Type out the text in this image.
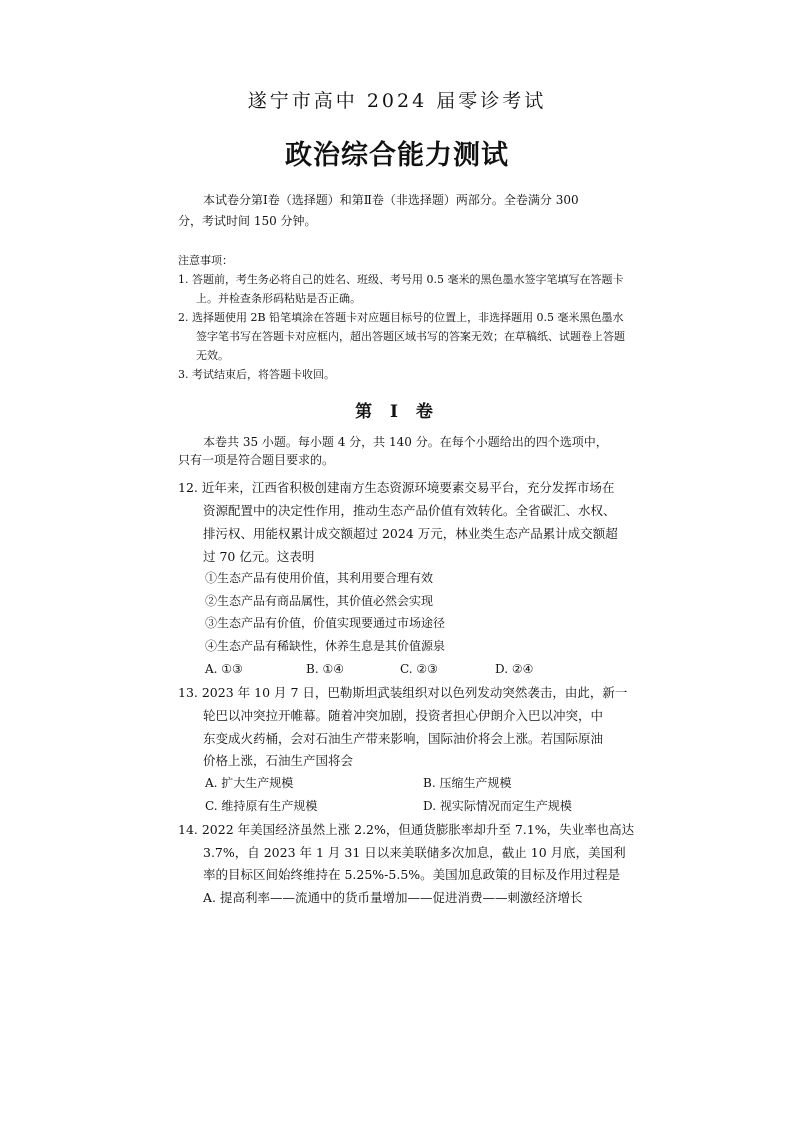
遂宁市高中 2024 届零诊考试
政治综合能力测试
本试卷分第Ⅰ卷（选择题）和第Ⅱ卷（非选择题）两部分。全卷满分 300
分，考试时间 150 分钟。
注意事项：
1. 答题前，考生务必将自己的姓名、班级、考号用 0.5 毫米的黑色墨水签字笔填写在答题卡
上。并检查条形码粘贴是否正确。
2. 选择题使用 2B 铅笔填涂在答题卡对应题目标号的位置上，非选择题用 0.5 毫米黑色墨水
签字笔书写在答题卡对应框内，超出答题区域书写的答案无效；在草稿纸、试题卷上答题
无效。
3. 考试结束后，将答题卡收回。
第 Ⅰ 卷
本卷共 35 小题。每小题 4 分，共 140 分。在每个小题给出的四个选项中，
只有一项是符合题目要求的。
12. 近年来，江西省积极创建南方生态资源环境要素交易平台，充分发挥市场在
资源配置中的决定性作用，推动生态产品价值有效转化。全省碳汇、水权、
排污权、用能权累计成交额超过 2024 万元，林业类生态产品累计成交额超
过 70 亿元。这表明
①生态产品有使用价值，其利用要合理有效
②生态产品有商品属性，其价值必然会实现
③生态产品有价值，价值实现要通过市场途径
④生态产品有稀缺性，休养生息是其价值源泉
A. ①③	B. ①④	C. ②③	D. ②④
13. 2023 年 10 月 7 日，巴勒斯坦武装组织对以色列发动突然袭击，由此，新一
轮巴以冲突拉开帷幕。随着冲突加剧，投资者担心伊朗介入巴以冲突，中
东变成火药桶，会对石油生产带来影响，国际油价将会上涨。若国际原油
价格上涨，石油生产国将会
A. 扩大生产规模	B. 压缩生产规模
C. 维持原有生产规模	D. 视实际情况而定生产规模
14. 2022 年美国经济虽然上涨 2.2%，但通货膨胀率却升至 7.1%，失业率也高达
3.7%，自 2023 年 1 月 31 日以来美联储多次加息，截止 10 月底，美国利
率的目标区间始终维持在 5.25%-5.5%。美国加息政策的目标及作用过程是
A. 提高利率——流通中的货币量增加——促进消费——刺激经济增长
